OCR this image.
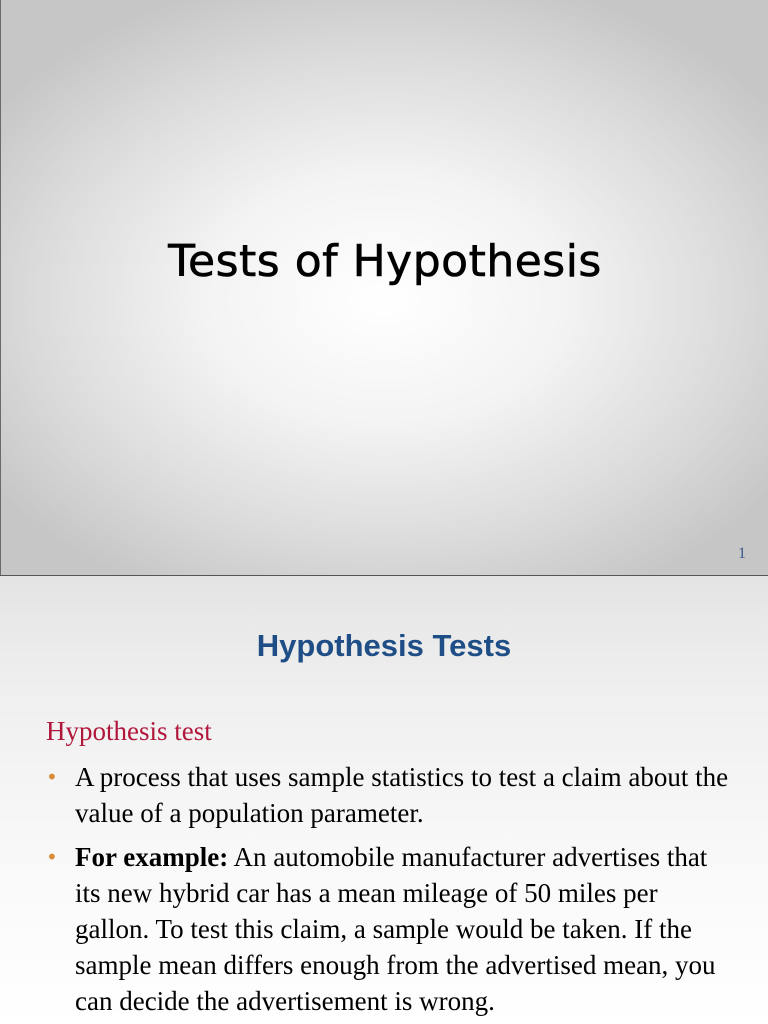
Tests of Hypothesis
1
Hypothesis Tests
Hypothesis test
• A process that uses sample statistics to test a claim about the value of a population parameter.
• For example: An automobile manufacturer advertises that its new hybrid car has a mean mileage of 50 miles per gallon. To test this claim, a sample would be taken. If the sample mean differs enough from the advertised mean, you can decide the advertisement is wrong.
